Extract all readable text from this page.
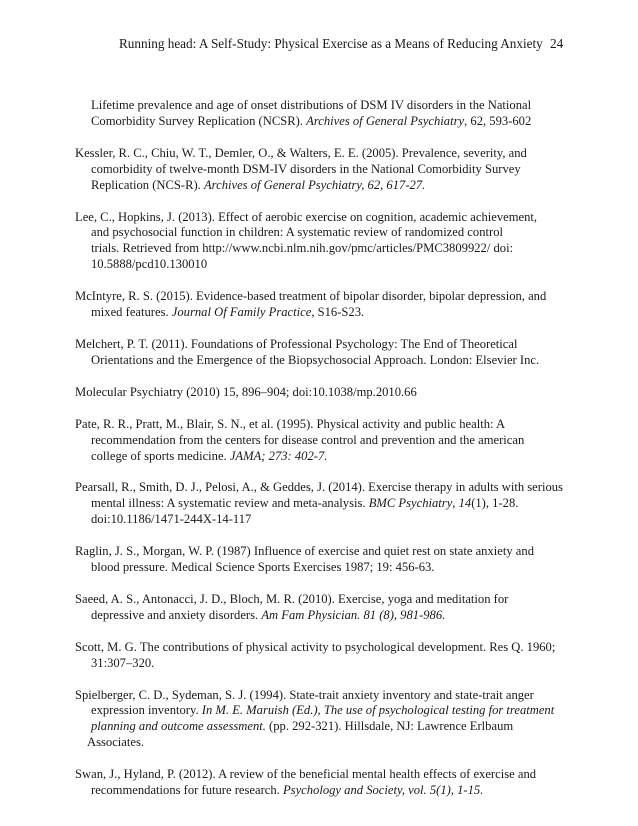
Running head: A Self-Study: Physical Exercise as a Means of Reducing Anxiety 24
Lifetime prevalence and age of onset distributions of DSM IV disorders in the National
Comorbidity Survey Replication (NCSR). Archives of General Psychiatry, 62, 593-602
Kessler, R. C., Chiu, W. T., Demler, O., & Walters, E. E. (2005). Prevalence, severity, and
comorbidity of twelve-month DSM-IV disorders in the National Comorbidity Survey
Replication (NCS-R). Archives of General Psychiatry, 62, 617-27.
Lee, C., Hopkins, J. (2013). Effect of aerobic exercise on cognition, academic achievement,
and psychosocial function in children: A systematic review of randomized control
trials. Retrieved from http://www.ncbi.nlm.nih.gov/pmc/articles/PMC3809922/ doi:
10.5888/pcd10.130010
McIntyre, R. S. (2015). Evidence-based treatment of bipolar disorder, bipolar depression, and
mixed features. Journal Of Family Practice, S16-S23.
Melchert, P. T. (2011). Foundations of Professional Psychology: The End of Theoretical
Orientations and the Emergence of the Biopsychosocial Approach. London: Elsevier Inc.
Molecular Psychiatry (2010) 15, 896–904; doi:10.1038/mp.2010.66
Pate, R. R., Pratt, M., Blair, S. N., et al. (1995). Physical activity and public health: A
recommendation from the centers for disease control and prevention and the american
college of sports medicine. JAMA; 273: 402-7.
Pearsall, R., Smith, D. J., Pelosi, A., & Geddes, J. (2014). Exercise therapy in adults with serious
mental illness: A systematic review and meta-analysis. BMC Psychiatry, 14(1), 1-28.
doi:10.1186/1471-244X-14-117
Raglin, J. S., Morgan, W. P. (1987) Influence of exercise and quiet rest on state anxiety and
blood pressure. Medical Science Sports Exercises 1987; 19: 456-63.
Saeed, A. S., Antonacci, J. D., Bloch, M. R. (2010). Exercise, yoga and meditation for
depressive and anxiety disorders. Am Fam Physician. 81 (8), 981-986.
Scott, M. G. The contributions of physical activity to psychological development. Res Q. 1960;
31:307–320.
Spielberger, C. D., Sydeman, S. J. (1994). State-trait anxiety inventory and state-trait anger
expression inventory. In M. E. Maruish (Ed.), The use of psychological testing for treatment
planning and outcome assessment. (pp. 292-321). Hillsdale, NJ: Lawrence Erlbaum
Associates.
Swan, J., Hyland, P. (2012). A review of the beneficial mental health effects of exercise and
recommendations for future research. Psychology and Society, vol. 5(1), 1-15.
